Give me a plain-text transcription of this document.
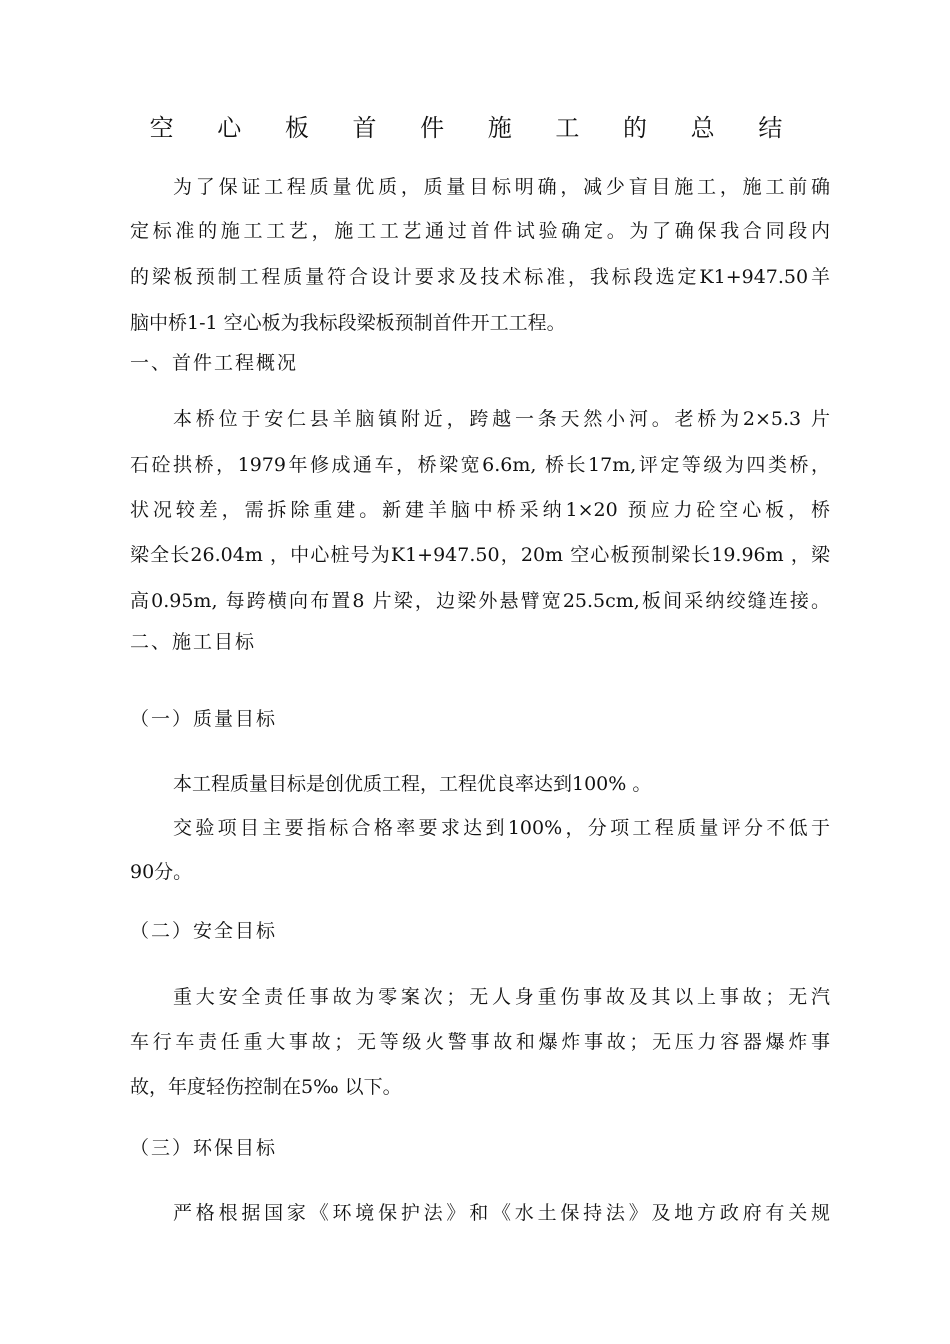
空 心 板 首 件 施 工 的 总 结

为了保证工程质量优质，质量目标明确，减少盲目施工，施工前确

定标准的施工工艺，施工工艺通过首件试验确定。为了确保我合同段内

的梁板预制工程质量符合设计要求及技术标准，我标段选定K1+947.50羊

脑中桥1-1 空心板为我标段梁板预制首件开工工程。

一、首件工程概况

本桥位于安仁县羊脑镇附近，跨越一条天然小河。老桥为2×5.3 片

石砼拱桥，1979年修成通车，桥梁宽6.6m, 桥长17m,评定等级为四类桥，

状况较差，需拆除重建。新建羊脑中桥采纳1×20 预应力砼空心板，桥

梁全长26.04m ，中心桩号为K1+947.50，20m 空心板预制梁长19.96m ，梁

高0.95m, 每跨横向布置8 片梁，边梁外悬臂宽25.5cm,板间采纳绞缝连接。

二、施工目标

（一）质量目标

本工程质量目标是创优质工程，工程优良率达到100% 。

交验项目主要指标合格率要求达到100%，分项工程质量评分不低于

90分。

（二）安全目标

重大安全责任事故为零案次；无人身重伤事故及其以上事故；无汽

车行车责任重大事故；无等级火警事故和爆炸事故；无压力容器爆炸事

故，年度轻伤控制在5‰ 以下。

（三）环保目标

严格根据国家《环境保护法》和《水土保持法》及地方政府有关规
